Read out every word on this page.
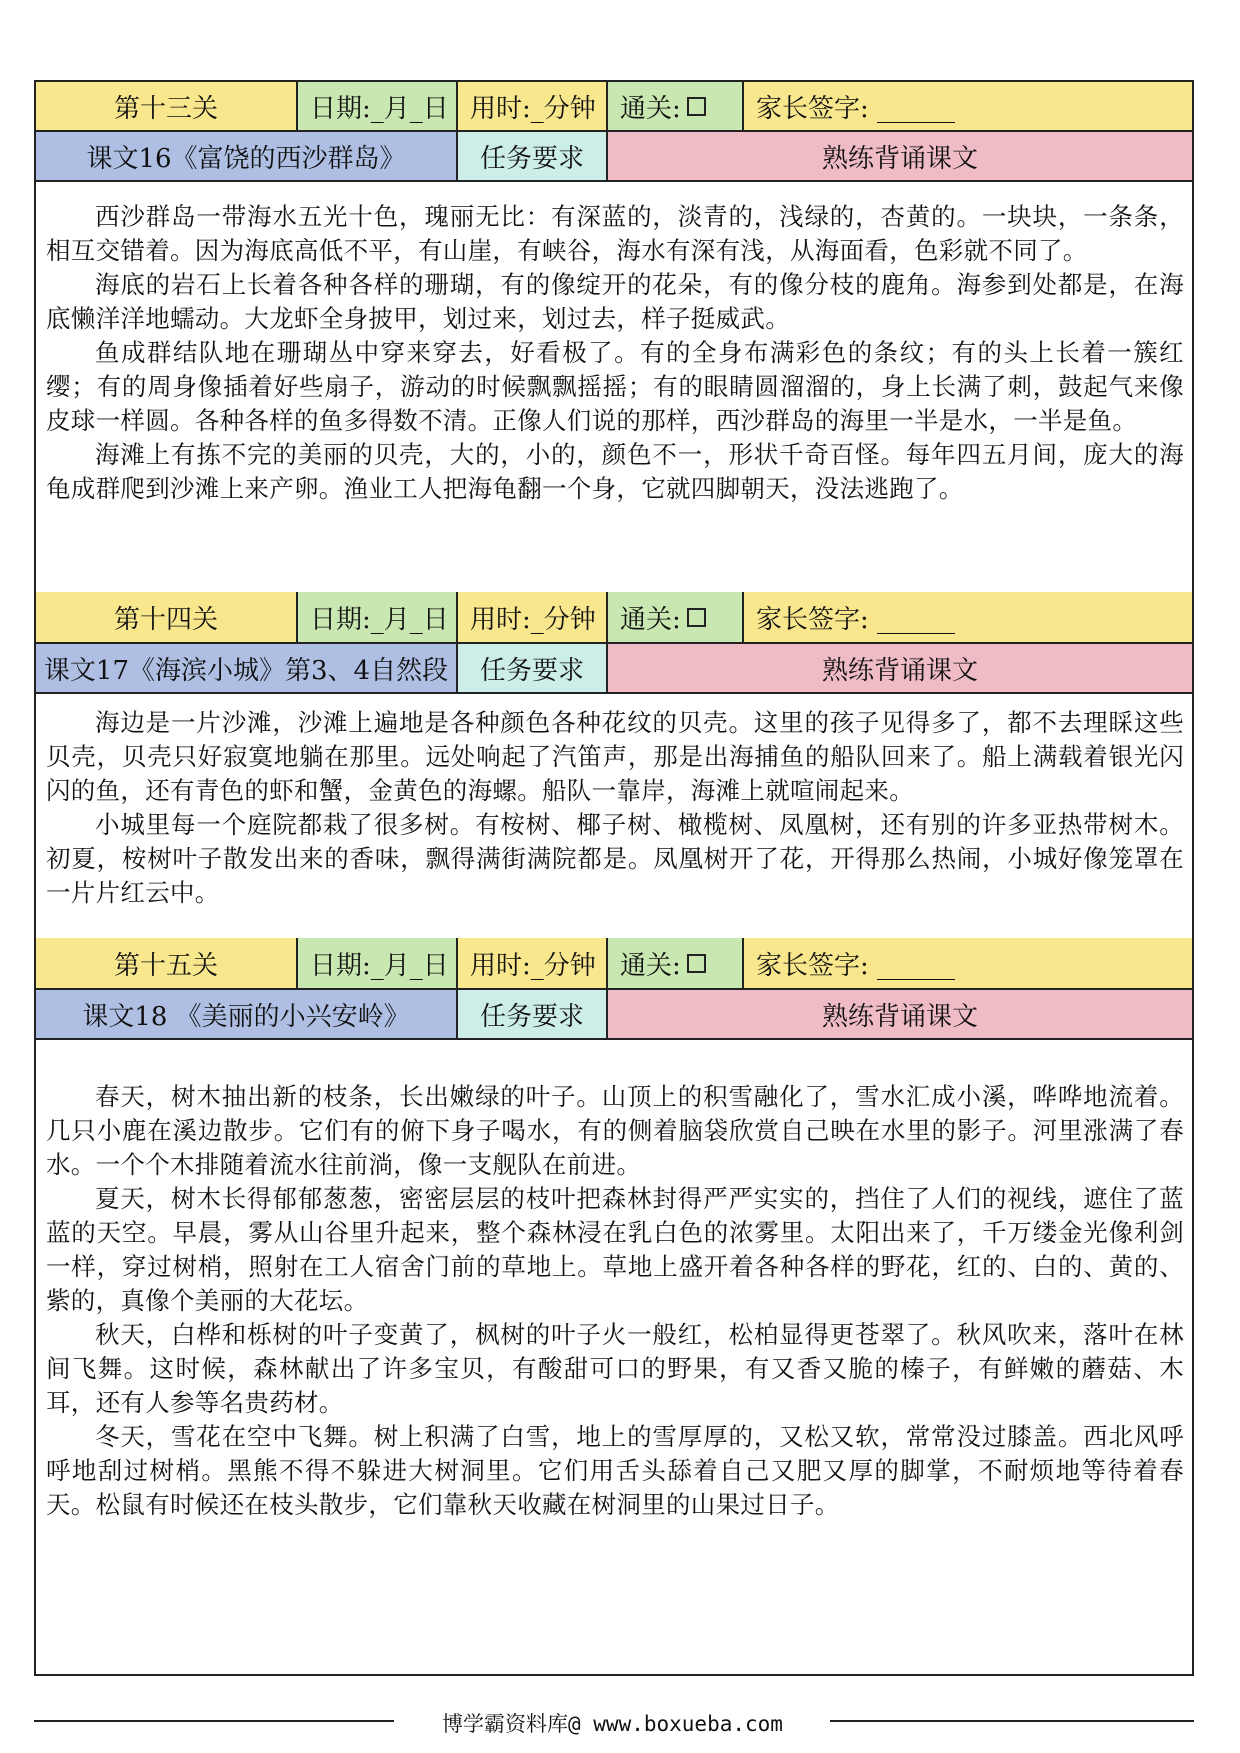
第十三关	日期:_月_日 用时:_分钟 通关:	家长签字: ______
课文16《富饶的西沙群岛》	任务要求	熟练背诵课文

西沙群岛一带海水五光十色，瑰丽无比：有深蓝的，淡青的，浅绿的，杏黄的。一块块，一条条，相互交错着。因为海底高低不平，有山崖，有峡谷，海水有深有浅，从海面看，色彩就不同了。

海底的岩石上长着各种各样的珊瑚，有的像绽开的花朵，有的像分枝的鹿角。海参到处都是，在海底懒洋洋地蠕动。大龙虾全身披甲，划过来，划过去，样子挺威武。

鱼成群结队地在珊瑚丛中穿来穿去，好看极了。有的全身布满彩色的条纹；有的头上长着一簇红缨；有的周身像插着好些扇子，游动的时候飘飘摇摇；有的眼睛圆溜溜的，身上长满了刺，鼓起气来像皮球一样圆。各种各样的鱼多得数不清。正像人们说的那样，西沙群岛的海里一半是水，一半是鱼。

海滩上有拣不完的美丽的贝壳，大的，小的，颜色不一，形状千奇百怪。每年四五月间，庞大的海龟成群爬到沙滩上来产卵。渔业工人把海龟翻一个身，它就四脚朝天，没法逃跑了。

第十四关	日期:_月_日 用时:_分钟 通关:	家长签字: ______
课文17《海滨小城》第3、4自然段	任务要求	熟练背诵课文

海边是一片沙滩，沙滩上遍地是各种颜色各种花纹的贝壳。这里的孩子见得多了，都不去理睬这些贝壳，贝壳只好寂寞地躺在那里。远处响起了汽笛声，那是出海捕鱼的船队回来了。船上满载着银光闪闪的鱼，还有青色的虾和蟹，金黄色的海螺。船队一靠岸，海滩上就喧闹起来。

小城里每一个庭院都栽了很多树。有桉树、椰子树、橄榄树、凤凰树，还有别的许多亚热带树木。初夏，桉树叶子散发出来的香味，飘得满街满院都是。凤凰树开了花，开得那么热闹，小城好像笼罩在一片片红云中。

第十五关	日期:_月_日 用时:_分钟 通关:	家长签字: ______
课文18 《美丽的小兴安岭》	任务要求	熟练背诵课文

春天，树木抽出新的枝条，长出嫩绿的叶子。山顶上的积雪融化了，雪水汇成小溪，哗哗地流着。几只小鹿在溪边散步。它们有的俯下身子喝水，有的侧着脑袋欣赏自己映在水里的影子。河里涨满了春水。一个个木排随着流水往前淌，像一支舰队在前进。

夏天，树木长得郁郁葱葱，密密层层的枝叶把森林封得严严实实的，挡住了人们的视线，遮住了蓝蓝的天空。早晨，雾从山谷里升起来，整个森林浸在乳白色的浓雾里。太阳出来了，千万缕金光像利剑一样，穿过树梢，照射在工人宿舍门前的草地上。草地上盛开着各种各样的野花，红的、白的、黄的、紫的，真像个美丽的大花坛。

秋天，白桦和栎树的叶子变黄了，枫树的叶子火一般红，松柏显得更苍翠了。秋风吹来，落叶在林间飞舞。这时候，森林献出了许多宝贝，有酸甜可口的野果，有又香又脆的榛子，有鲜嫩的蘑菇、木耳，还有人参等名贵药材。

冬天，雪花在空中飞舞。树上积满了白雪，地上的雪厚厚的，又松又软，常常没过膝盖。西北风呼呼地刮过树梢。黑熊不得不躲进大树洞里。它们用舌头舔着自己又肥又厚的脚掌，不耐烦地等待着春天。松鼠有时候还在枝头散步，它们靠秋天收藏在树洞里的山果过日子。

博学霸资料库@ www.boxueba.com
